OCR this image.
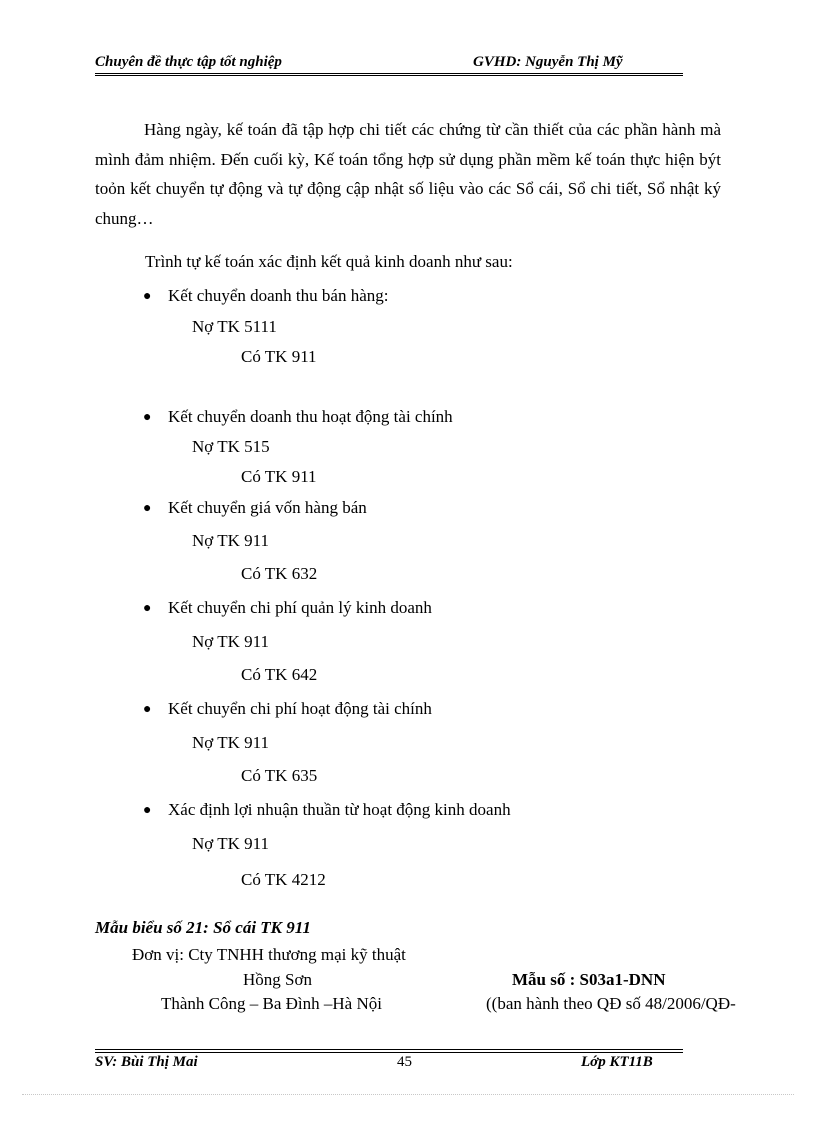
Chuyên đề thực tập tốt nghiệp	GVHD: Nguyễn Thị Mỹ

Hàng ngày, kế toán đã tập hợp chi tiết các chứng từ cần thiết của các phần hành mà mình đảm nhiệm. Đến cuối kỳ, Kế toán tổng hợp sử dụng phần mềm kế toán thực hiện být toỏn kết chuyển tự động và tự động cập nhật số liệu vào các Sổ cái, Sổ chi tiết, Sổ nhật ký chung…

Trình tự kế toán xác định kết quả kinh doanh như sau:
● Kết chuyển doanh thu bán hàng:
Nợ TK 5111
Có TK 911
● Kết chuyển doanh thu hoạt động tài chính
Nợ TK 515
Có TK 911
● Kết chuyển giá vốn hàng bán
Nợ TK 911
Có TK 632
● Kết chuyển chi phí quản lý kinh doanh
Nợ TK 911
Có TK 642
● Kết chuyển chi phí hoạt động tài chính
Nợ TK 911
Có TK 635
● Xác định lợi nhuận thuần từ hoạt động kinh doanh
Nợ TK 911
Có TK 4212
Mẫu biểu số 21: Sổ cái TK 911
Đơn vị: Cty TNHH thương mại kỹ thuật
Hồng Sơn
Thành Công – Ba Đình –Hà Nội
Mẫu số : S03a1-DNN
((ban hành theo QĐ số 48/2006/QĐ-
SV: Bùi Thị Mai	45	Lớp KT11B
